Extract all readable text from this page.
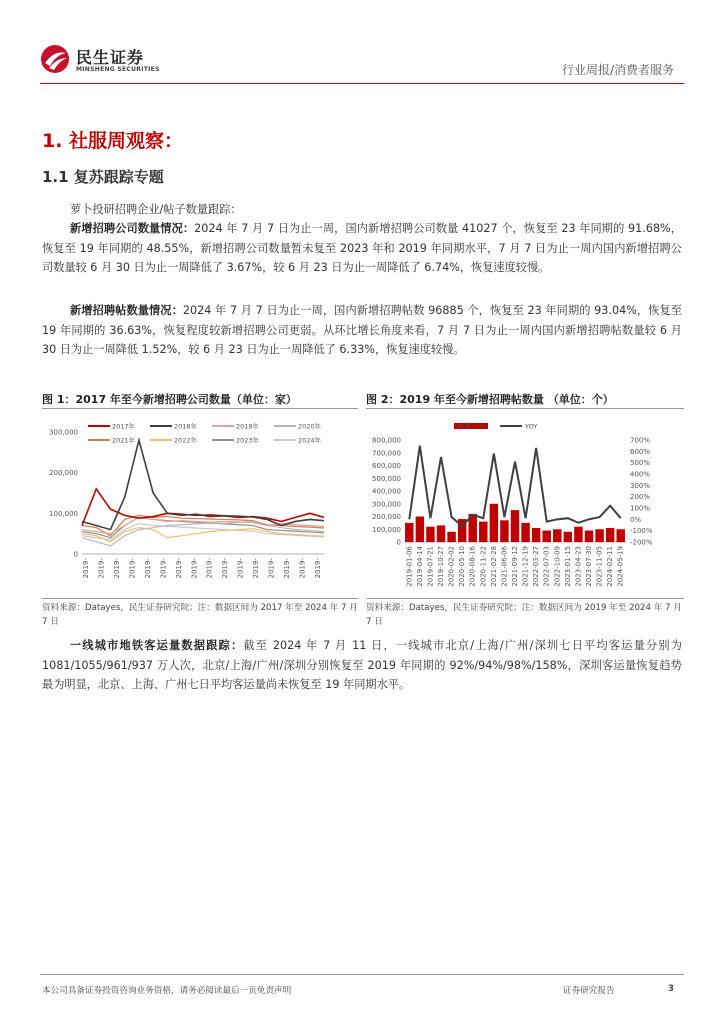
民生证券
MINSHENG SECURITIES	行业周报/消费者服务
1. 社服周观察：
1.1 复苏跟踪专题
萝卜投研招聘企业/帖子数量跟踪：
新增招聘公司数量情况：2024 年 7 月 7 日为止一周，国内新增招聘公司数量 41027 个，恢复至 23 年同期的 91.68%，恢复至 19 年同期的 48.55%，新增招聘公司数量暂未复至 2023 年和 2019 年同期水平，7 月 7 日为止一周内国内新增招聘公司数量较 6 月 30 日为止一周降低了 3.67%，较 6 月 23 日为止一周降低了 6.74%，恢复速度较慢。
新增招聘帖数量情况：2024 年 7 月 7 日为止一周，国内新增招聘帖数 96885 个，恢复至 23 年同期的 93.04%，恢复至 19 年同期的 36.63%，恢复程度较新增招聘公司更弱。从环比增长角度来看，7 月 7 日为止一周内国内新增招聘帖数量较 6 月 30 日为止一周降低 1.52%，较 6 月 23 日为止一周降低了 6.33%，恢复速度较慢。
图 1：2017 年至今新增招聘公司数量（单位：家）
300,000
200,000
100,000
0
2019- 2019- 2019- 2019- 2019- 2019- 2019- 2019- 2019- 2019- 2019- 2019- 2019- 2019- 2019- 2019-
2017年	2018年	2019年	2020年
2021年	2022年	2023年	2024年
资料来源：Datayes，民生证券研究院；注：数据区间为 2017 年至 2024 年 7 月 7 日
图 2：2019 年至今新增招聘帖数量 （单位：个）
800,000
700,000
600,000
500,000
400,000
300,000
200,000
100,000
0
700%
600%
500%
400%
300%
200%
100%
0%
-100%
-200%
帖数（个）	YOY
2019-01-06 2019-04-14 2019-07-21 2019-10-27 2020-02-02 2020-05-10 2020-08-16 2020-11-22 2021-02-28 2021-06-06 2021-09-12 2021-12-19 2022-03-27 2022-07-03 2022-10-09 2023-01-15 2023-04-23 2023-07-30 2023-11-05 2024-02-11 2024-05-19
资料来源：Datayes，民生证券研究院；注：数据区间为 2019 年至 2024 年 7 月 7 日
一线城市地铁客运量数据跟踪：截至 2024 年 7 月 11 日，一线城市北京/上海/广州/深圳七日平均客运量分别为 1081/1055/961/937 万人次，北京/上海/广州/深圳分别恢复至 2019 年同期的 92%/94%/98%/158%，深圳客运量恢复趋势最为明显，北京、上海、广州七日平均客运量尚未恢复至 19 年同期水平。
本公司具备证券投资咨询业务资格，请务必阅读最后一页免责声明	证券研究报告	3
